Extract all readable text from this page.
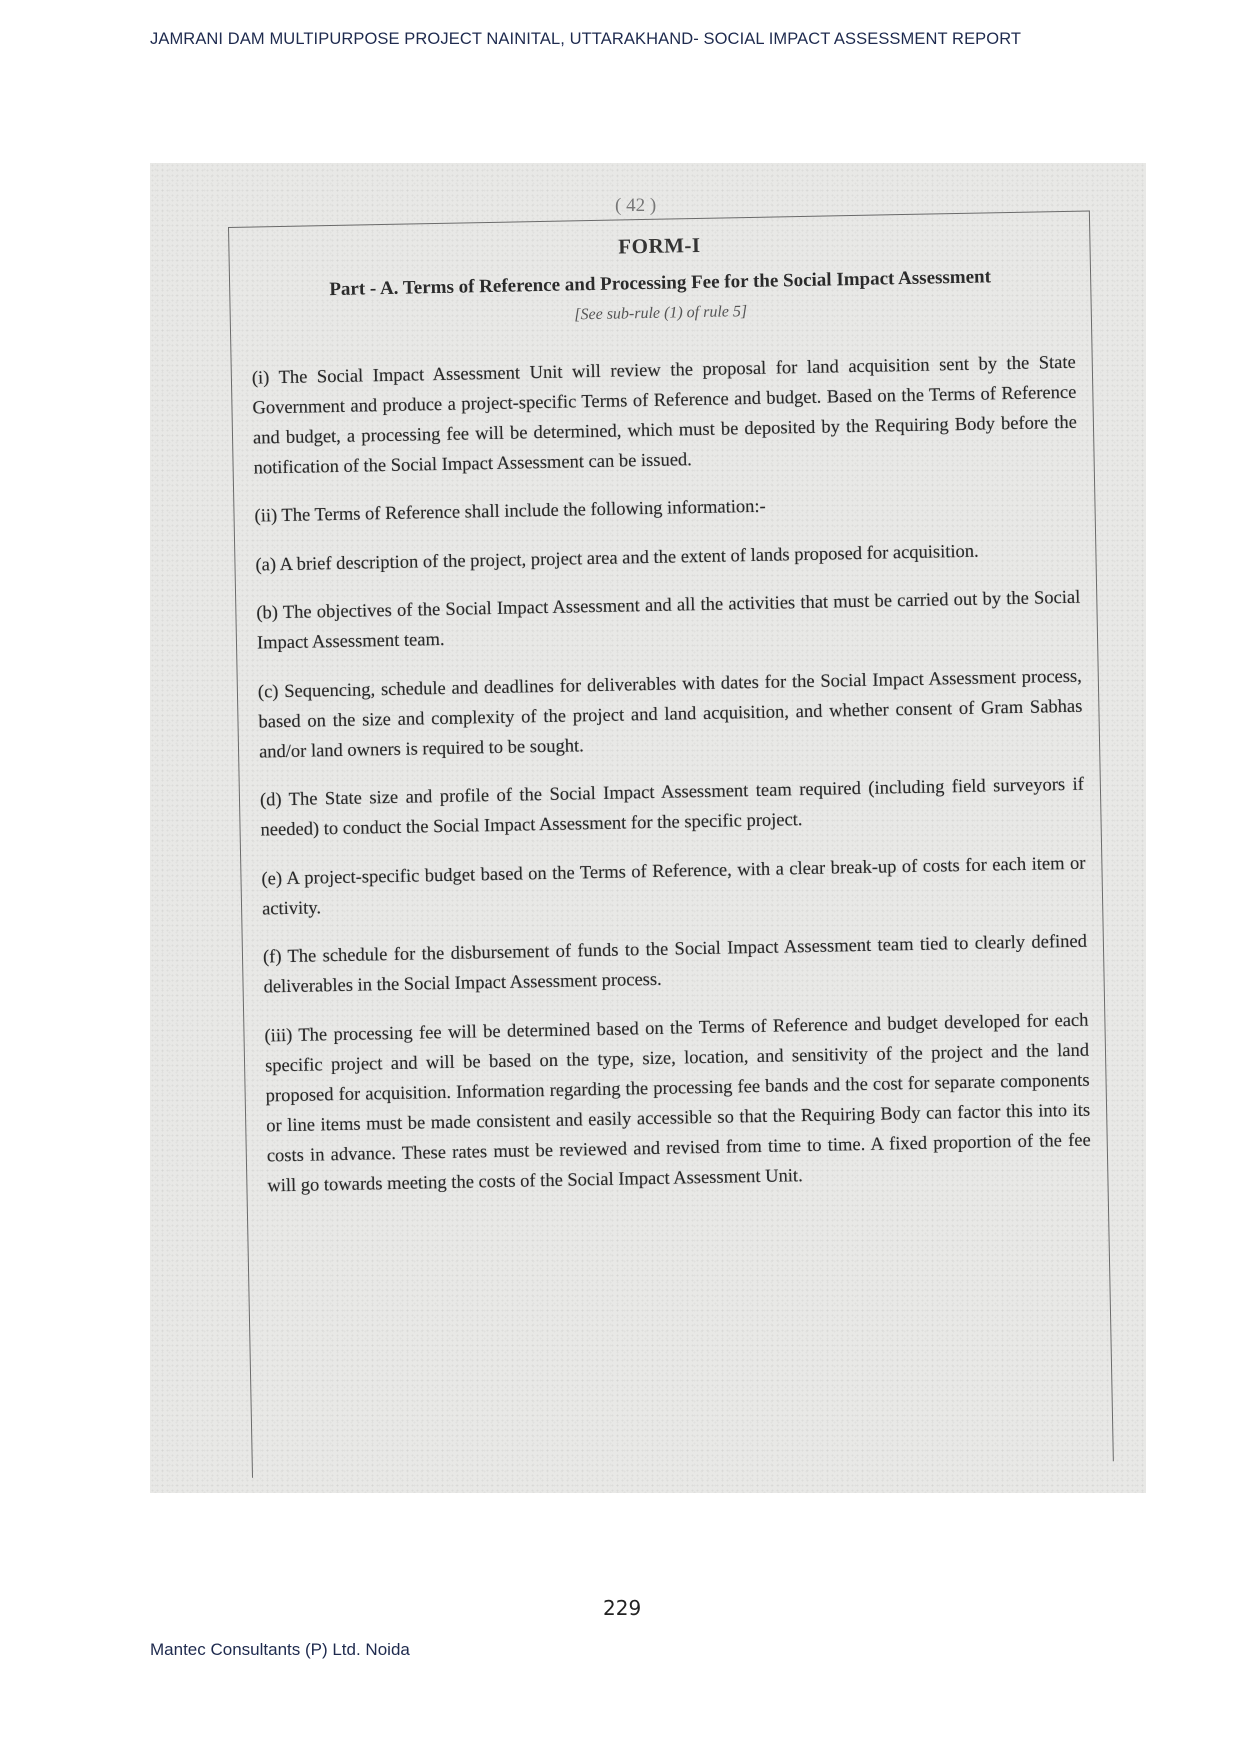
JAMRANI DAM MULTIPURPOSE PROJECT NAINITAL, UTTARAKHAND- SOCIAL IMPACT ASSESSMENT REPORT
( 42 )
FORM-I
Part - A. Terms of Reference and Processing Fee for the Social Impact Assessment
[See sub-rule (1) of rule 5]

(i) The Social Impact Assessment Unit will review the proposal for land acquisition sent by the State Government and produce a project-specific Terms of Reference and budget. Based on the Terms of Reference and budget, a processing fee will be determined, which must be deposited by the Requiring Body before the notification of the Social Impact Assessment can be issued.

(ii) The Terms of Reference shall include the following information:-

(a) A brief description of the project, project area and the extent of lands proposed for acquisition.

(b) The objectives of the Social Impact Assessment and all the activities that must be carried out by the Social Impact Assessment team.

(c) Sequencing, schedule and deadlines for deliverables with dates for the Social Impact Assessment process, based on the size and complexity of the project and land acquisition, and whether consent of Gram Sabhas and/or land owners is required to be sought.

(d) The State size and profile of the Social Impact Assessment team required (including field surveyors if needed) to conduct the Social Impact Assessment for the specific project.

(e) A project-specific budget based on the Terms of Reference, with a clear break-up of costs for each item or activity.

(f) The schedule for the disbursement of funds to the Social Impact Assessment team tied to clearly defined deliverables in the Social Impact Assessment process.

(iii) The processing fee will be determined based on the Terms of Reference and budget developed for each specific project and will be based on the type, size, location, and sensitivity of the project and the land proposed for acquisition. Information regarding the processing fee bands and the cost for separate components or line items must be made consistent and easily accessible so that the Requiring Body can factor this into its costs in advance. These rates must be reviewed and revised from time to time. A fixed proportion of the fee will go towards meeting the costs of the Social Impact Assessment Unit.

229
Mantec Consultants (P) Ltd. Noida
